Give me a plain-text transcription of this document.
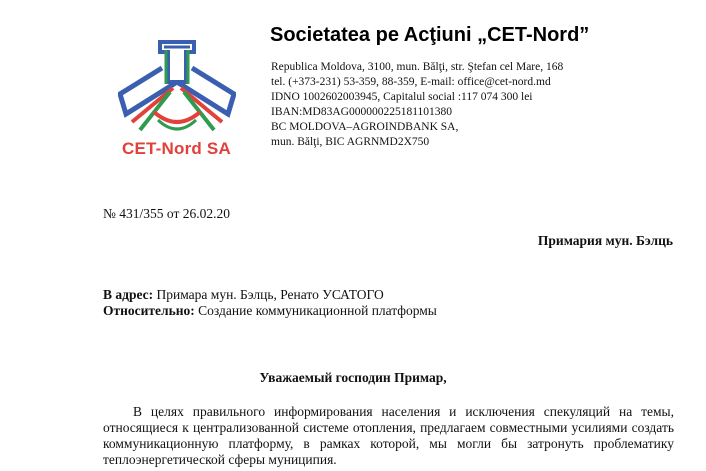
CET-Nord SA
Societatea pe Acţiuni „CET-Nord”
Republica Moldova, 3100, mun. Bălţi, str. Ştefan cel Mare, 168
tel. (+373-231) 53-359, 88-359, E-mail: office@cet-nord.md
IDNO 1002602003945, Capitalul social :117 074 300 lei
IBAN:MD83AG000000225181101380
BC MOLDOVA–AGROINDBANK SA,
mun. Bălţi, BIC AGRNMD2X750
№ 431/355 от 26.02.20
Примария мун. Бэлць
В адрес: Примара мун. Бэлць, Ренато УСАТОГО
Относительно: Создание коммуникационной платформы
Уважаемый господин Примар,

В целях правильного информирования населения и исключения спекуляций на темы, относящиеся к централизованной системе отопления, предлагаем совместными усилиями создать коммуникационную платформу, в рамках которой, мы могли бы затронуть проблематику теплоэнергетической сферы муниципия.
